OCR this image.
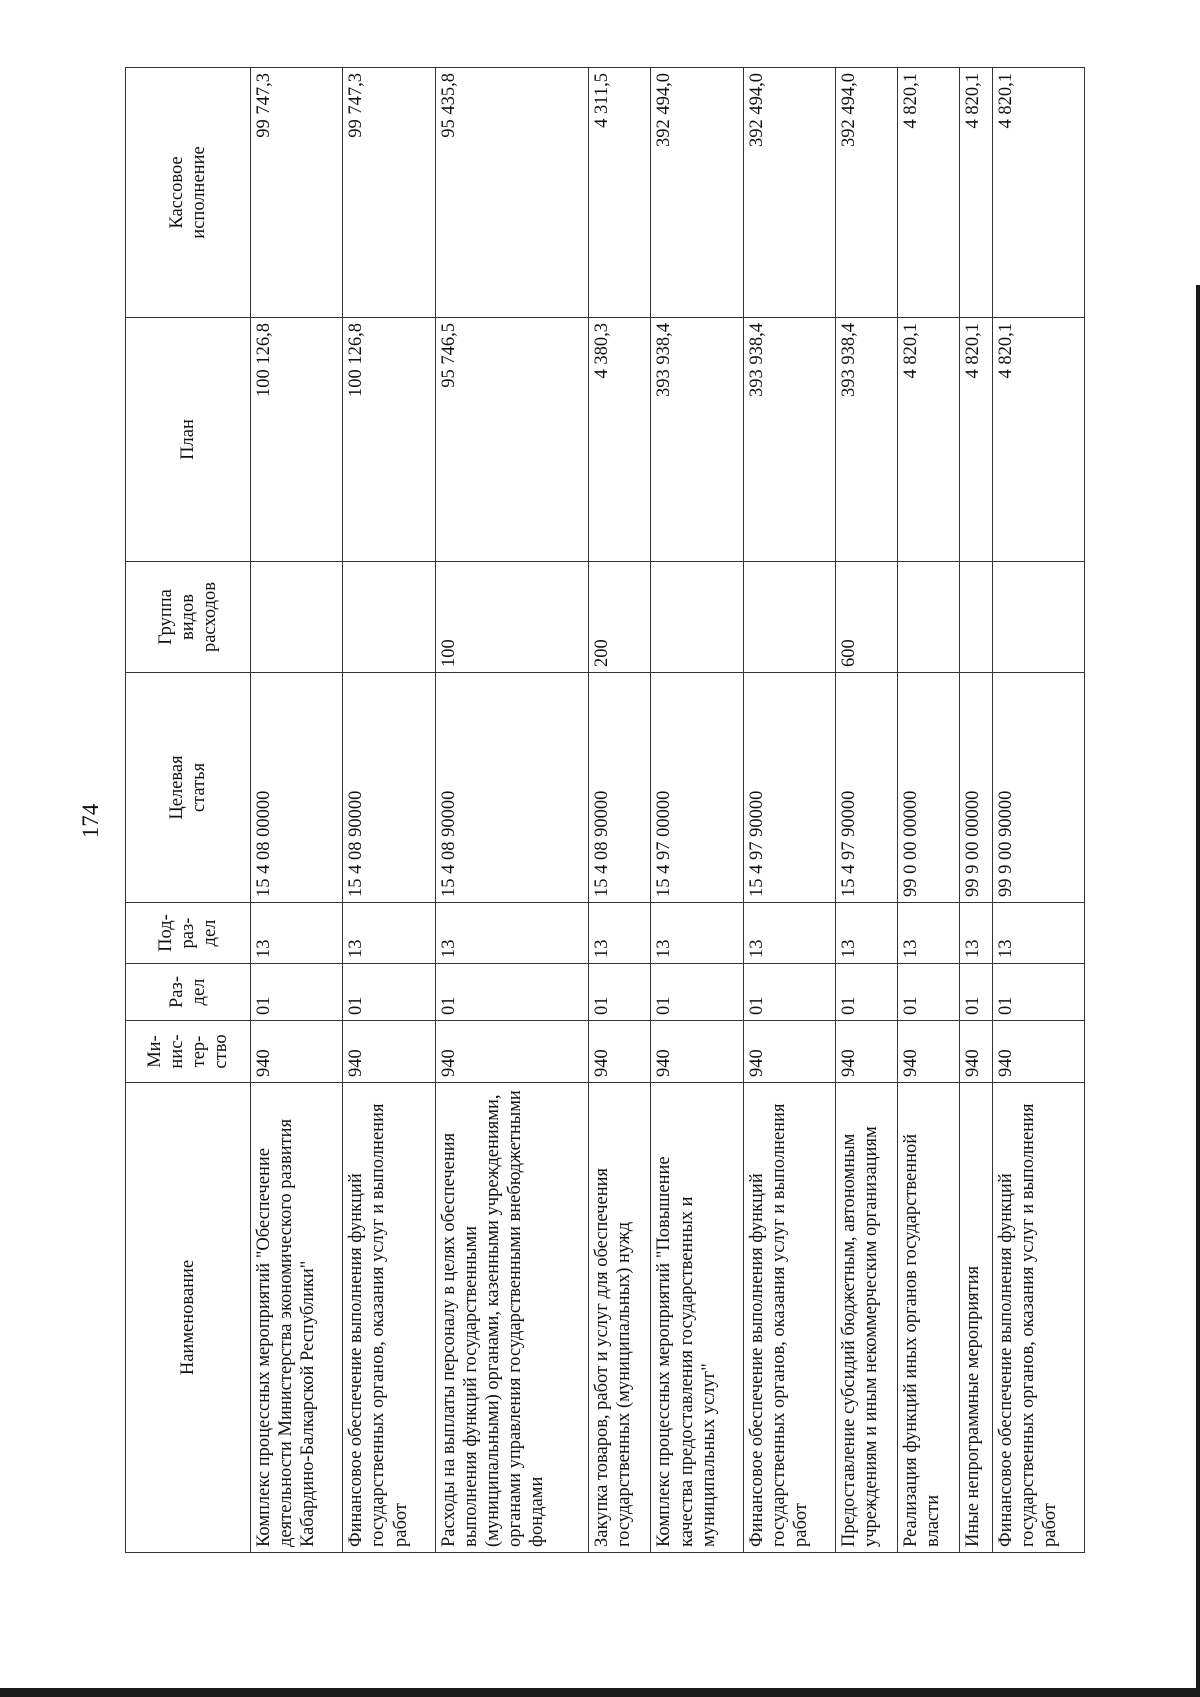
174
Наименование	Ми- нис- тер- ство	Раз- дел	Под- раз- дел	Целевая статья	Группа видов расходов	План	Кассовое исполнение

Комплекс процессных мероприятий "Обеспечение деятельности Министерства экономического развития Кабардино-Балкарской Республики"	940	01	13	15 4 08 00000		100 126,8	99 747,3
Финансовое обеспечение выполнения функций государственных органов, оказания услуг и выполнения работ	940	01	13	15 4 08 90000		100 126,8	99 747,3
Расходы на выплаты персоналу в целях обеспечения выполнения функций государственными (муниципальными) органами, казенными учреждениями, органами управления государственными внебюджетными фондами	940	01	13	15 4 08 90000	100	95 746,5	95 435,8
Закупка товаров, работ и услуг для обеспечения государственных (муниципальных) нужд	940	01	13	15 4 08 90000	200	4 380,3	4 311,5
Комплекс процессных мероприятий "Повышение качества предоставления государственных и муниципальных услуг"	940	01	13	15 4 97 00000		393 938,4	392 494,0
Финансовое обеспечение выполнения функций государственных органов, оказания услуг и выполнения работ	940	01	13	15 4 97 90000		393 938,4	392 494,0
Предоставление субсидий бюджетным, автономным учреждениям и иным некоммерческим организациям	940	01	13	15 4 97 90000	600	393 938,4	392 494,0
Реализация функций иных органов государственной власти	940	01	13	99 0 00 00000		4 820,1	4 820,1
Иные непрограммные мероприятия	940	01	13	99 9 00 00000		4 820,1	4 820,1
Финансовое обеспечение выполнения функций государственных органов, оказания услуг и выполнения работ	940	01	13	99 9 00 90000		4 820,1	4 820,1
